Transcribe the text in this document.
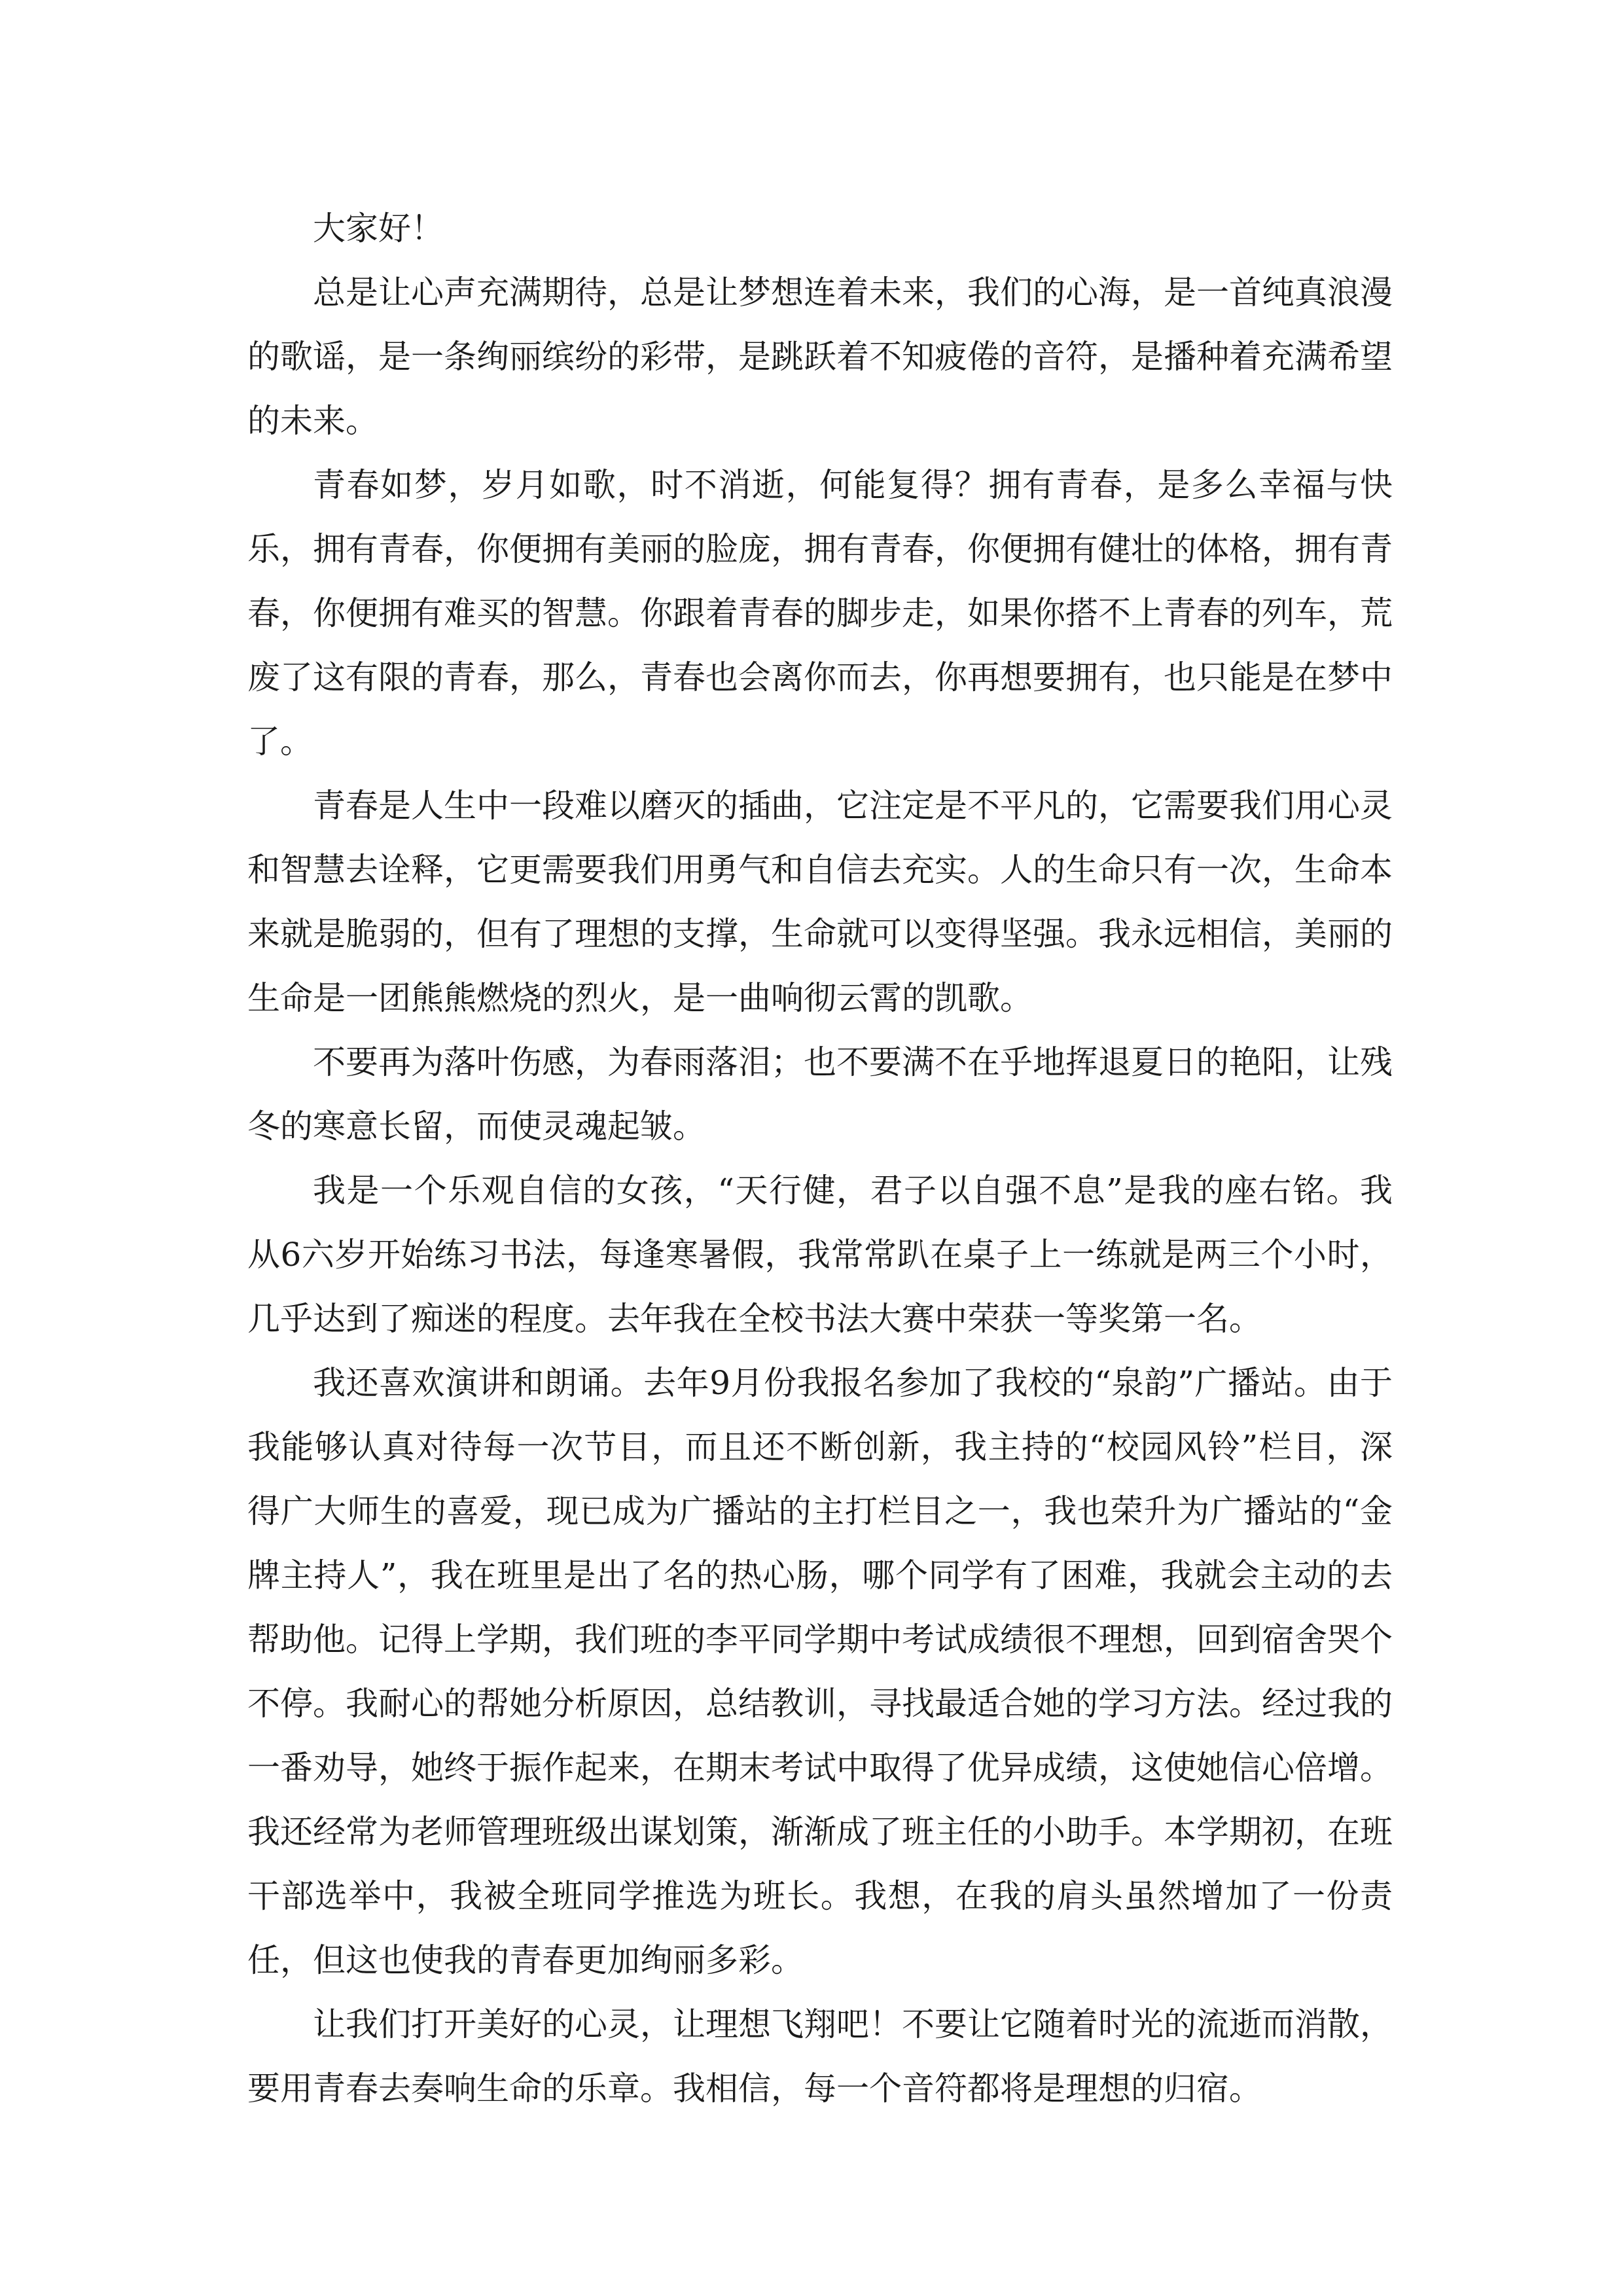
大家好！

总是让心声充满期待，总是让梦想连着未来，我们的心海，是一首纯真浪漫的歌谣，是一条绚丽缤纷的彩带，是跳跃着不知疲倦的音符，是播种着充满希望的未来。

青春如梦，岁月如歌，时不消逝，何能复得？拥有青春，是多么幸福与快乐，拥有青春，你便拥有美丽的脸庞，拥有青春，你便拥有健壮的体格，拥有青春，你便拥有难买的智慧。你跟着青春的脚步走，如果你搭不上青春的列车，荒废了这有限的青春，那么，青春也会离你而去，你再想要拥有，也只能是在梦中了。

青春是人生中一段难以磨灭的插曲，它注定是不平凡的，它需要我们用心灵和智慧去诠释，它更需要我们用勇气和自信去充实。人的生命只有一次，生命本来就是脆弱的，但有了理想的支撑，生命就可以变得坚强。我永远相信，美丽的生命是一团熊熊燃烧的烈火，是一曲响彻云霄的凯歌。

不要再为落叶伤感，为春雨落泪；也不要满不在乎地挥退夏日的艳阳，让残冬的寒意长留，而使灵魂起皱。

我是一个乐观自信的女孩，“天行健，君子以自强不息”是我的座右铭。我从6六岁开始练习书法，每逢寒暑假，我常常趴在桌子上一练就是两三个小时，几乎达到了痴迷的程度。去年我在全校书法大赛中荣获一等奖第一名。

我还喜欢演讲和朗诵。去年9月份我报名参加了我校的“泉韵”广播站。由于我能够认真对待每一次节目，而且还不断创新，我主持的“校园风铃”栏目，深得广大师生的喜爱，现已成为广播站的主打栏目之一，我也荣升为广播站的“金牌主持人”，我在班里是出了名的热心肠，哪个同学有了困难，我就会主动的去帮助他。记得上学期，我们班的李平同学期中考试成绩很不理想，回到宿舍哭个不停。我耐心的帮她分析原因，总结教训，寻找最适合她的学习方法。经过我的一番劝导，她终于振作起来，在期末考试中取得了优异成绩，这使她信心倍增。我还经常为老师管理班级出谋划策，渐渐成了班主任的小助手。本学期初，在班干部选举中，我被全班同学推选为班长。我想，在我的肩头虽然增加了一份责任，但这也使我的青春更加绚丽多彩。

让我们打开美好的心灵，让理想飞翔吧！不要让它随着时光的流逝而消散，要用青春去奏响生命的乐章。我相信，每一个音符都将是理想的归宿。
